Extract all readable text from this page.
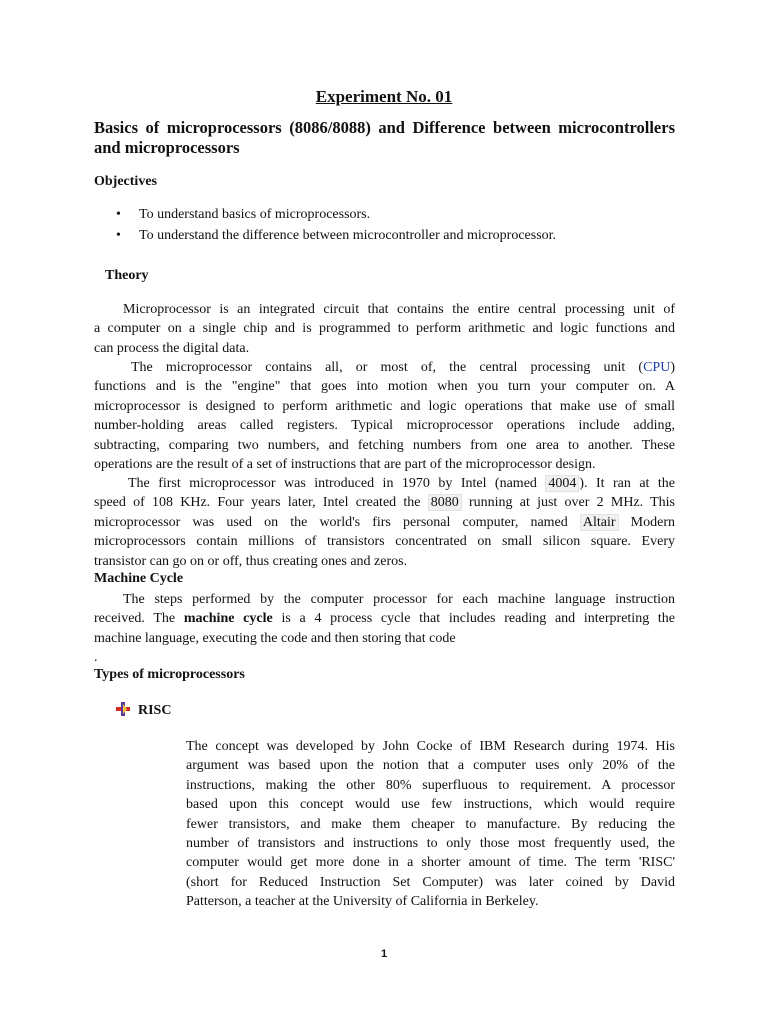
Experiment No. 01
Basics of microprocessors (8086/8088) and Difference between microcontrollers and microprocessors
Objectives
• To understand basics of microprocessors.
• To understand the difference between microcontroller and microprocessor.
Theory
Microprocessor is an integrated circuit that contains the entire central processing unit of
a computer on a single chip and is programmed to perform arithmetic and logic functions and
can process the digital data.
The microprocessor contains all, or most of, the central processing unit (CPU)
functions and is the "engine" that goes into motion when you turn your computer on. A
microprocessor is designed to perform arithmetic and logic operations that make use of small
number-holding areas called registers. Typical microprocessor operations include adding,
subtracting, comparing two numbers, and fetching numbers from one area to another. These
operations are the result of a set of instructions that are part of the microprocessor design.
The first microprocessor was introduced in 1970 by Intel (named 4004 ). It ran at the
speed of 108 KHz. Four years later, Intel created the 8080 running at just over 2 MHz. This
microprocessor was used on the world's firs personal computer, named Altair Modern
microprocessors contain millions of transistors concentrated on small silicon square. Every
transistor can go on or off, thus creating ones and zeros.
Machine Cycle
The steps performed by the computer processor for each machine language instruction
received. The machine cycle is a 4 process cycle that includes reading and interpreting the
machine language, executing the code and then storing that code
.
Types of microprocessors
RISC
The concept was developed by John Cocke of IBM Research during 1974. His
argument was based upon the notion that a computer uses only 20% of the
instructions, making the other 80% superfluous to requirement. A processor
based upon this concept would use few instructions, which would require
fewer transistors, and make them cheaper to manufacture. By reducing the
number of transistors and instructions to only those most frequently used, the
computer would get more done in a shorter amount of time. The term 'RISC'
(short for Reduced Instruction Set Computer) was later coined by David
Patterson, a teacher at the University of California in Berkeley.
1
